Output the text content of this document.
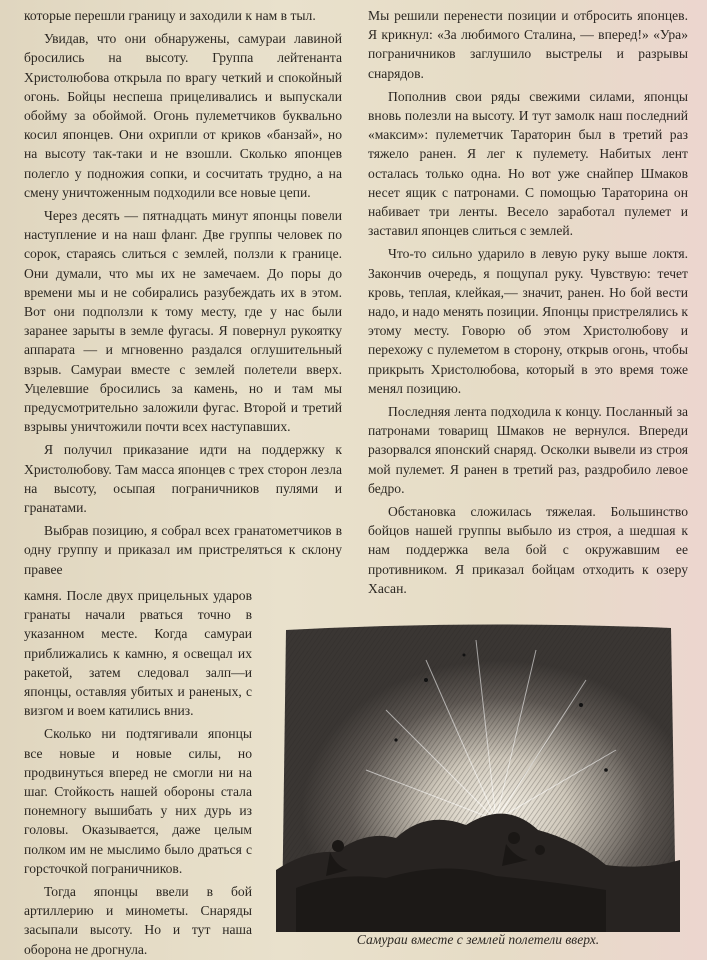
которые перешли границу и заходили к нам в тыл.

Увидав, что они обнаружены, самураи лавиной бросились на высоту. Группа лейтенанта Христолюбова открыла по врагу четкий и спокойный огонь. Бойцы неспеша прицеливались и выпускали обойму за обоймой. Огонь пулеметчиков буквально косил японцев. Они охрипли от криков «банзай», но на высоту так-таки и не взошли. Сколько японцев полегло у подножия сопки, и сосчитать трудно, а на смену уничтоженным подходили все новые цепи.

Через десять — пятнадцать минут японцы повели наступление и на наш фланг. Две группы человек по сорок, стараясь слиться с землей, ползли к границе. Они думали, что мы их не замечаем. До поры до времени мы и не собирались разубеждать их в этом. Вот они подползли к тому месту, где у нас были заранее зарыты в земле фугасы. Я повернул рукоятку аппарата — и мгновенно раздался оглушительный взрыв. Самураи вместе с землей полетели вверх. Уцелевшие бросились за камень, но и там мы предусмотрительно заложили фугас. Второй и третий взрывы уничтожили почти всех наступавших.

Я получил приказание идти на поддержку к Христолюбову. Там масса японцев с трех сторон лезла на высоту, осыпая пограничников пулями и гранатами.

Выбрав позицию, я собрал всех гранатометчиков в одну группу и приказал им пристреляться к склону правее

камня. После двух прицельных ударов гранаты начали рваться точно в указанном месте. Когда самураи приближались к камню, я освещал их ракетой, затем следовал залп—и японцы, оставляя убитых и раненых, с визгом и воем катились вниз.

Сколько ни подтягивали японцы все новые и новые силы, но продвинуться вперед не смогли ни на шаг. Стойкость нашей обороны стала понемногу вышибать у них дурь из головы. Оказывается, даже целым полком им не мыслимо было драться с горсточкой пограничников.

Тогда японцы ввели в бой артиллерию и минометы. Снаряды засыпали высоту. Но и тут наша оборона не дрогнула.

Мы решили перенести позиции и отбросить японцев. Я крикнул: «За любимого Сталина, — вперед!» «Ура» пограничников заглушило выстрелы и разрывы снарядов.

Пополнив свои ряды свежими силами, японцы вновь полезли на высоту. И тут замолк наш последний «максим»: пулеметчик Тараторин был в третий раз тяжело ранен. Я лег к пулемету. Набитых лент осталась только одна. Но вот уже снайпер Шмаков несет ящик с патронами. С помощью Тараторина он набивает три ленты. Весело заработал пулемет и заставил японцев слиться с землей.

Что-то сильно ударило в левую руку выше локтя. Закончив очередь, я пощупал руку. Чувствую: течет кровь, теплая, клейкая,— значит, ранен. Но бой вести надо, и надо менять позиции. Японцы пристрелялись к этому месту. Говорю об этом Христолюбову и перехожу с пулеметом в сторону, открыв огонь, чтобы прикрыть Христолюбова, который в это время тоже менял позицию.

Последняя лента подходила к концу. Посланный за патронами товарищ Шмаков не вернулся. Впереди разорвался японский снаряд. Осколки вывели из строя мой пулемет. Я ранен в третий раз, раздробило левое бедро.

Обстановка сложилась тяжелая. Большинство бойцов нашей группы выбыло из строя, а шедшая к нам поддержка вела бой с окружавшим ее противником. Я приказал бойцам отходить к озеру Хасан.

Самураи вместе с землей полетели вверх.
